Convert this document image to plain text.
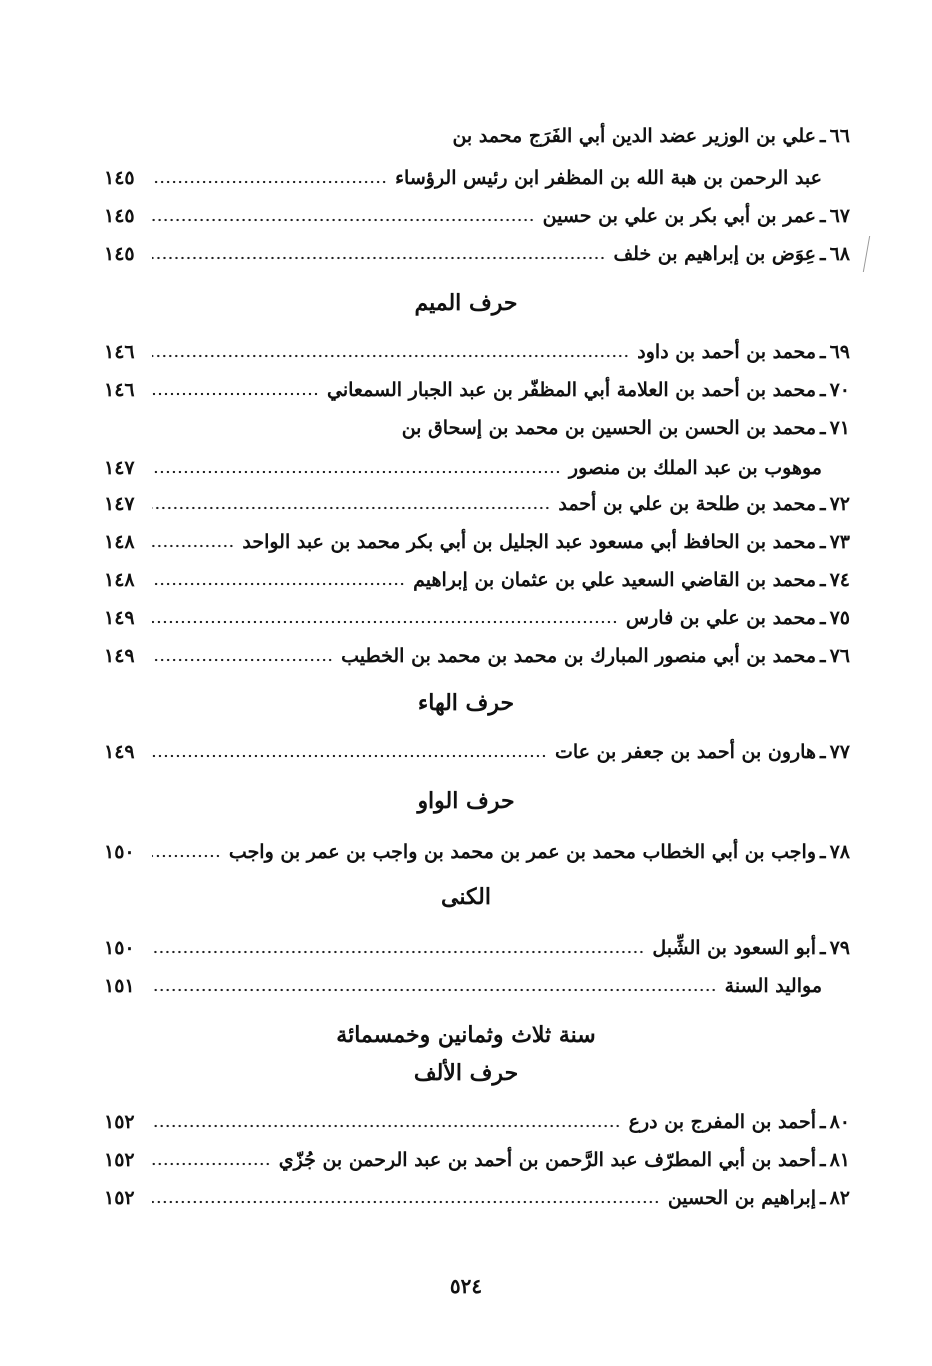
٦٦
ـ
علي بن الوزير عضد الدين أبي الفَرَج محمد بن
عبد الرحمن بن هبة الله بن المظفر ابن رئيس الرؤساء
١٤٥
٦٧
ـ
عمر بن أبي بكر بن علي بن حسين
١٤٥
٦٨
ـ
عِوَض بن إبراهيم بن خلف
١٤٥
حرف الميم
٦٩
ـ
محمد بن أحمد بن داود
١٤٦
٧٠
ـ
محمد بن أحمد بن العلامة أبي المظفّر بن عبد الجبار السمعاني
١٤٦
٧١
ـ
محمد بن الحسن بن الحسين بن محمد بن إسحاق بن
موهوب بن عبد الملك بن منصور
١٤٧
٧٢
ـ
محمد بن طلحة بن علي بن أحمد
١٤٧
٧٣
ـ
محمد بن الحافظ أبي مسعود عبد الجليل بن أبي بكر محمد بن عبد الواحد
١٤٨
٧٤
ـ
محمد بن القاضي السعيد علي بن عثمان بن إبراهيم
١٤٨
٧٥
ـ
محمد بن علي بن فارس
١٤٩
٧٦
ـ
محمد بن أبي منصور المبارك بن محمد بن محمد بن الخطيب
١٤٩
حرف الهاء
٧٧
ـ
هارون بن أحمد بن جعفر بن عات
١٤٩
حرف الواو
٧٨
ـ
واجب بن أبي الخطاب محمد بن عمر بن محمد بن واجب بن عمر بن واجب
١٥٠
الكنى
٧٩
ـ
أبو السعود بن الشِّبل
١٥٠
مواليد السنة
١٥١
سنة ثلاث وثمانين وخمسمائة
حرف الألف
٨٠
ـ
أحمد بن المفرج بن درع
١٥٢
٨١
ـ
أحمد بن أبي المطرّف عبد الرَّحمن بن أحمد بن عبد الرحمن بن جُزّي
١٥٢
٨٢
ـ
إبراهيم بن الحسين
١٥٢
٥٢٤
